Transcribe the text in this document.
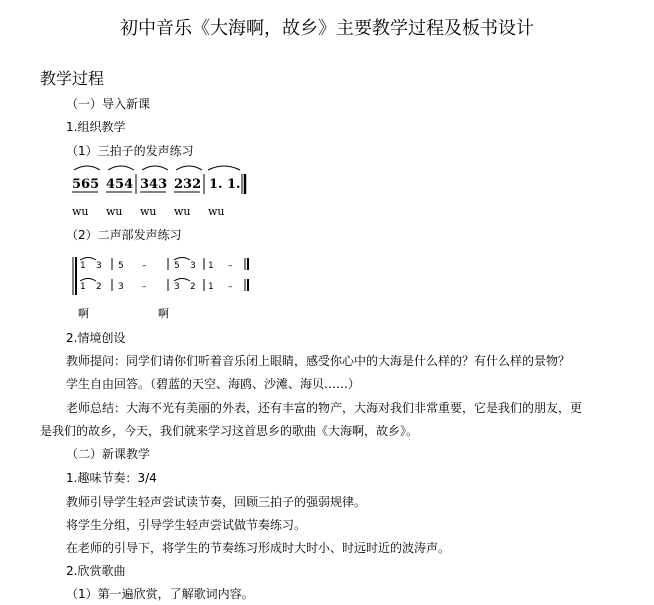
初中音乐《大海啊，故乡》主要教学过程及板书设计
教学过程
（一）导入新课
1.组织教学
（1）三拍子的发声练习
565 454 343 232 1. 1.
wu wu wu wu wu
（2）二声部发声练习
1 3 5 –	5 3 1 –
1 2 3 –	3 2 1 –
啊	啊
2.情境创设
教师提问：同学们请你们听着音乐闭上眼睛，感受你心中的大海是什么样的？有什么样的景物？
学生自由回答。（碧蓝的天空、海鸥、沙滩、海贝……）
老师总结：大海不光有美丽的外表，还有丰富的物产，大海对我们非常重要，它是我们的朋友，更
是我们的故乡，今天，我们就来学习这首思乡的歌曲《大海啊，故乡》。
（二）新课教学
1.趣味节奏：3/4
教师引导学生轻声尝试读节奏，回顾三拍子的强弱规律。
将学生分组，引导学生轻声尝试做节奏练习。
在老师的引导下，将学生的节奏练习形成时大时小、时远时近的波涛声。
2.欣赏歌曲
（1）第一遍欣赏，了解歌词内容。
